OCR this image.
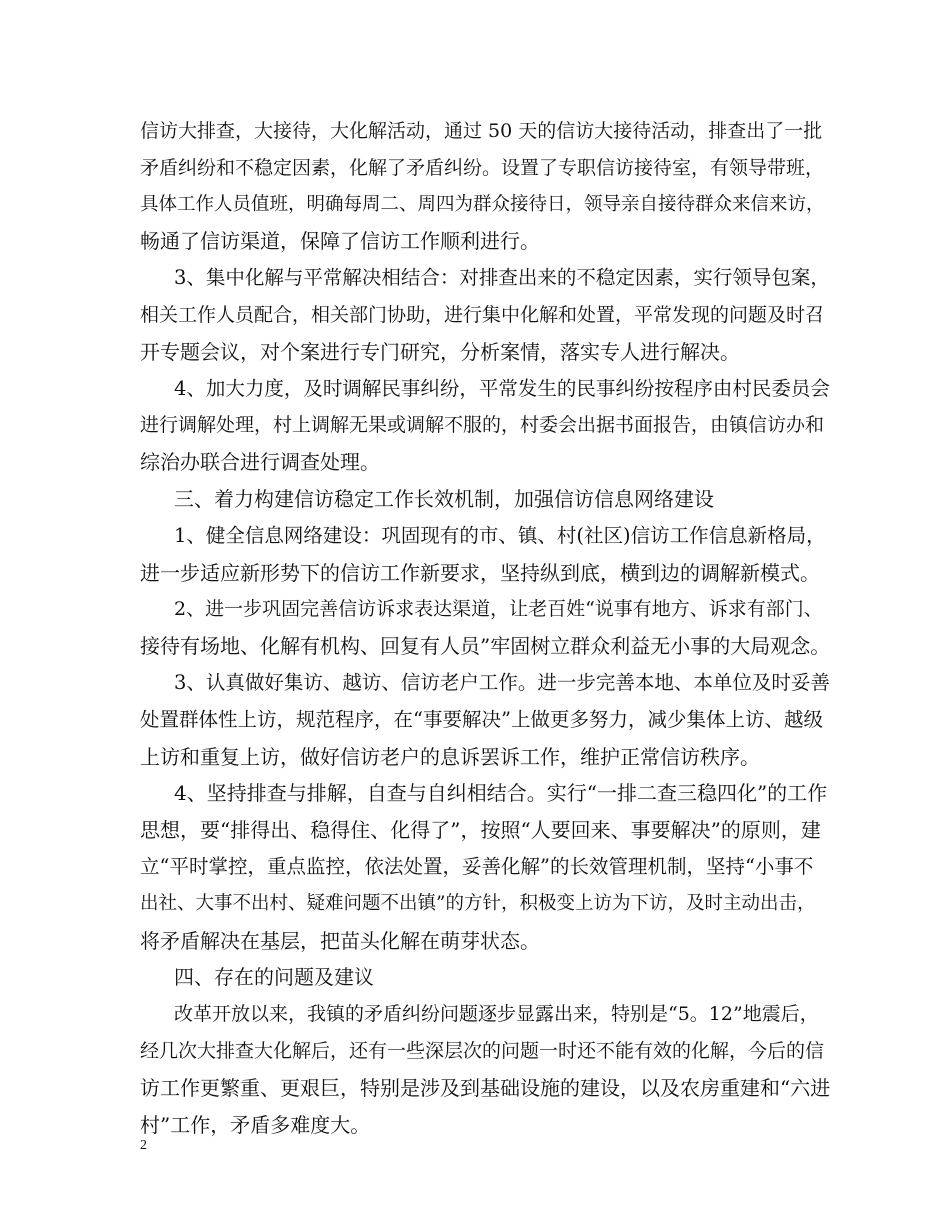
信访大排查，大接待，大化解活动，通过 50 天的信访大接待活动，排查出了一批
矛盾纠纷和不稳定因素，化解了矛盾纠纷。设置了专职信访接待室，有领导带班，
具体工作人员值班，明确每周二、周四为群众接待日，领导亲自接待群众来信来访，
畅通了信访渠道，保障了信访工作顺利进行。
3、集中化解与平常解决相结合：对排查出来的不稳定因素，实行领导包案，
相关工作人员配合，相关部门协助，进行集中化解和处置，平常发现的问题及时召
开专题会议，对个案进行专门研究，分析案情，落实专人进行解决。
4、加大力度，及时调解民事纠纷，平常发生的民事纠纷按程序由村民委员会
进行调解处理，村上调解无果或调解不服的，村委会出据书面报告，由镇信访办和
综治办联合进行调查处理。
三、着力构建信访稳定工作长效机制，加强信访信息网络建设
1、健全信息网络建设：巩固现有的市、镇、村(社区)信访工作信息新格局，
进一步适应新形势下的信访工作新要求，坚持纵到底，横到边的调解新模式。
2、进一步巩固完善信访诉求表达渠道，让老百姓“说事有地方、诉求有部门、
接待有场地、化解有机构、回复有人员”牢固树立群众利益无小事的大局观念。
3、认真做好集访、越访、信访老户工作。进一步完善本地、本单位及时妥善
处置群体性上访，规范程序，在“事要解决”上做更多努力，减少集体上访、越级
上访和重复上访，做好信访老户的息诉罢诉工作，维护正常信访秩序。
4、坚持排查与排解，自查与自纠相结合。实行“一排二查三稳四化”的工作
思想，要“排得出、稳得住、化得了”，按照“人要回来、事要解决”的原则，建
立“平时掌控，重点监控，依法处置，妥善化解”的长效管理机制，坚持“小事不
出社、大事不出村、疑难问题不出镇”的方针，积极变上访为下访，及时主动出击，
将矛盾解决在基层，把苗头化解在萌芽状态。
四、存在的问题及建议
改革开放以来，我镇的矛盾纠纷问题逐步显露出来，特别是“5。12”地震后，
经几次大排查大化解后，还有一些深层次的问题一时还不能有效的化解，今后的信
访工作更繁重、更艰巨，特别是涉及到基础设施的建设，以及农房重建和“六进
村”工作，矛盾多难度大。
2
